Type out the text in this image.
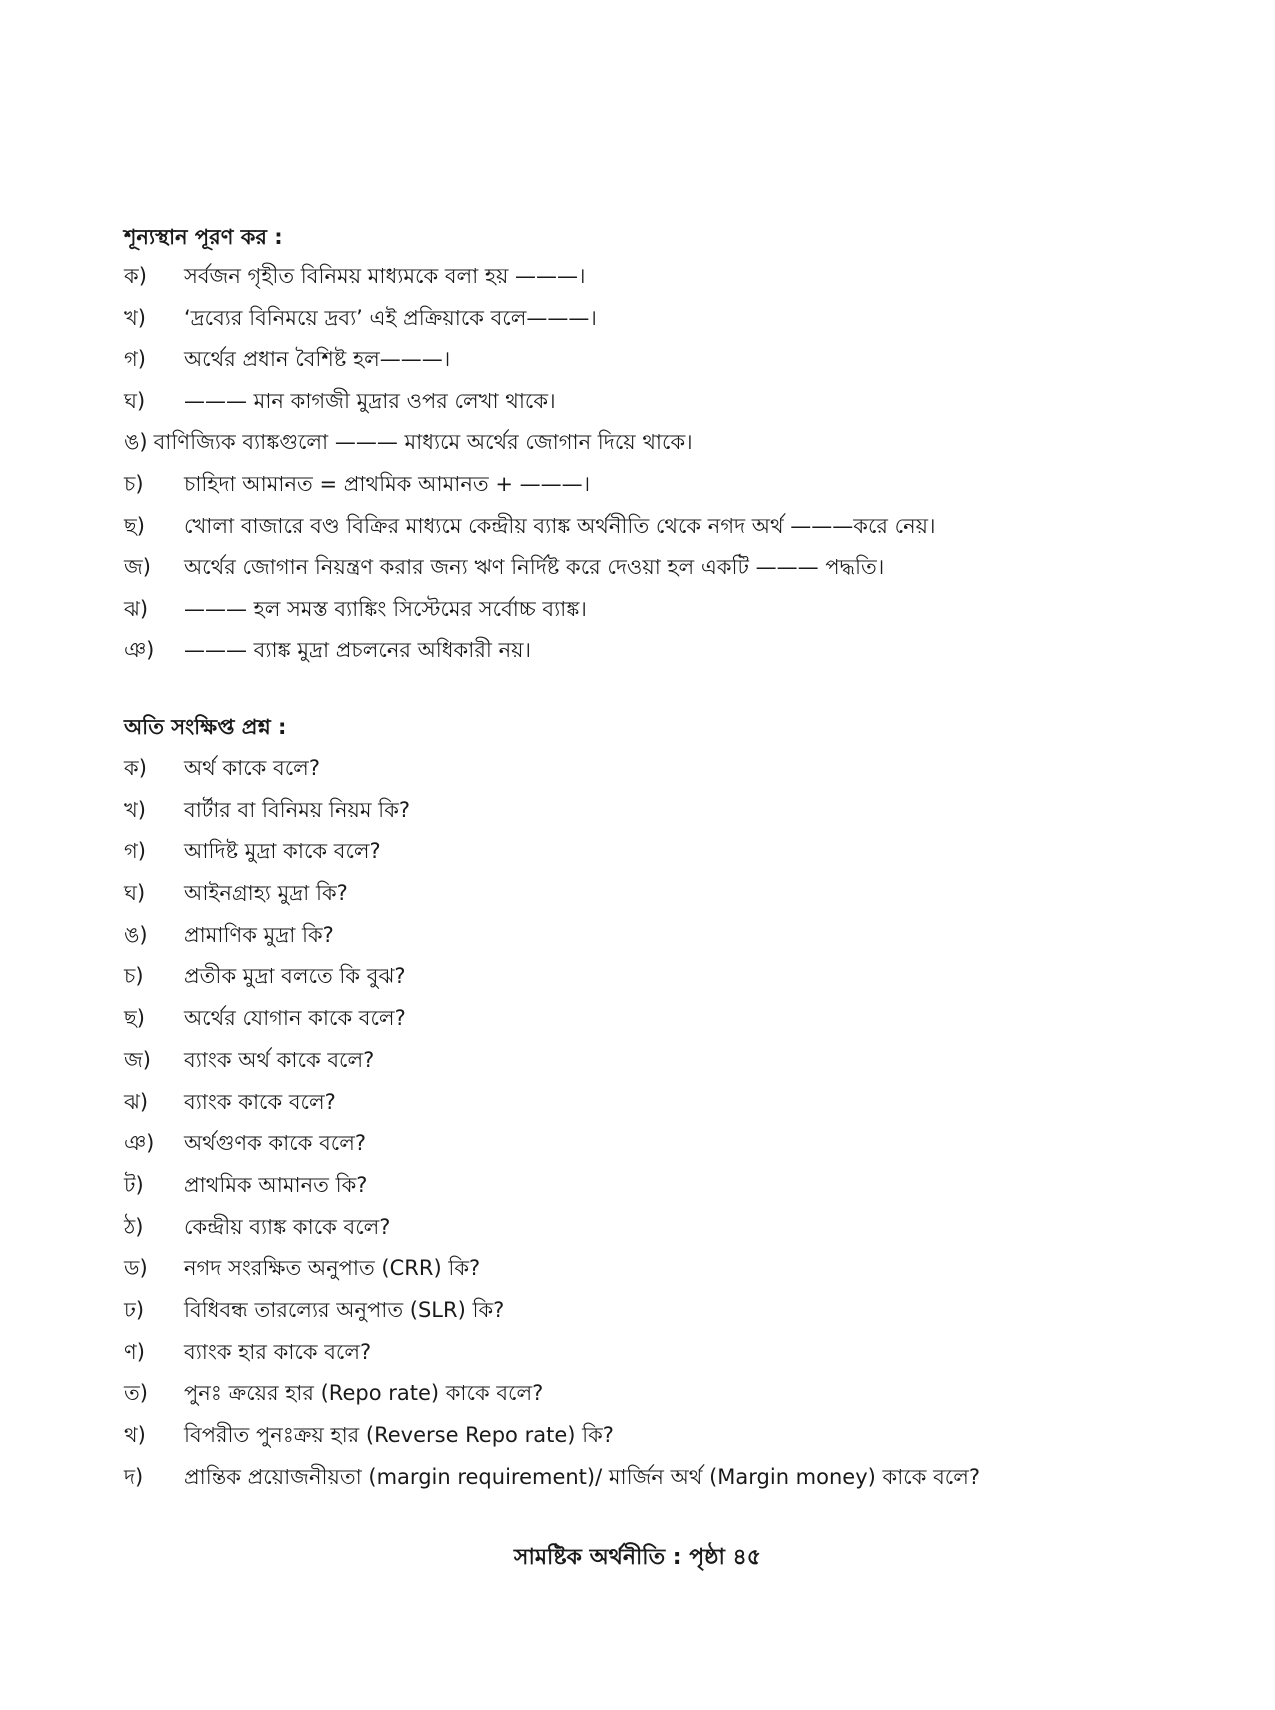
শূন্যস্থান পূরণ কর :
ক)	সর্বজন গৃহীত বিনিময় মাধ্যমকে বলা হয় ———।
খ)	‘দ্রব্যের বিনিময়ে দ্রব্য’ এই প্রক্রিয়াকে বলে———।
গ)	অর্থের প্রধান বৈশিষ্ট হল———।
ঘ)	——— মান কাগজী মুদ্রার ওপর লেখা থাকে।
ঙ) বাণিজ্যিক ব্যাঙ্কগুলো ——— মাধ্যমে অর্থের জোগান দিয়ে থাকে।
চ)	চাহিদা আমানত = প্রাথমিক আমানত + ———।
ছ)	খোলা বাজারে বণ্ড বিক্রির মাধ্যমে কেন্দ্রীয় ব্যাঙ্ক অর্থনীতি থেকে নগদ অর্থ ———করে নেয়।
জ)	অর্থের জোগান নিয়ন্ত্রণ করার জন্য ঋণ নির্দিষ্ট করে দেওয়া হল একটি ——— পদ্ধতি।
ঝ)	——— হল সমস্ত ব্যাঙ্কিং সিস্টেমের সর্বোচ্চ ব্যাঙ্ক।
ঞ)	——— ব্যাঙ্ক মুদ্রা প্রচলনের অধিকারী নয়।
অতি সংক্ষিপ্ত প্রশ্ন :
ক)	অর্থ কাকে বলে?
খ)	বার্টার বা বিনিময় নিয়ম কি?
গ)	আদিষ্ট মুদ্রা কাকে বলে?
ঘ)	আইনগ্রাহ্য মুদ্রা কি?
ঙ)	প্রামাণিক মুদ্রা কি?
চ)	প্রতীক মুদ্রা বলতে কি বুঝ?
ছ)	অর্থের যোগান কাকে বলে?
জ)	ব্যাংক অর্থ কাকে বলে?
ঝ)	ব্যাংক কাকে বলে?
ঞ)	অর্থগুণক কাকে বলে?
ট)	প্রাথমিক আমানত কি?
ঠ)	কেন্দ্রীয় ব্যাঙ্ক কাকে বলে?
ড)	নগদ সংরক্ষিত অনুপাত (CRR) কি?
ঢ)	বিধিবন্ধ তারল্যের অনুপাত (SLR) কি?
ণ)	ব্যাংক হার কাকে বলে?
ত)	পুনঃ ক্রয়ের হার (Repo rate) কাকে বলে?
থ)	বিপরীত পুনঃক্রয় হার (Reverse Repo rate) কি?
দ)	প্রান্তিক প্রয়োজনীয়তা (margin requirement)/ মার্জিন অর্থ (Margin money) কাকে বলে?
সামষ্টিক অর্থনীতি : পৃষ্ঠা ৪৫
